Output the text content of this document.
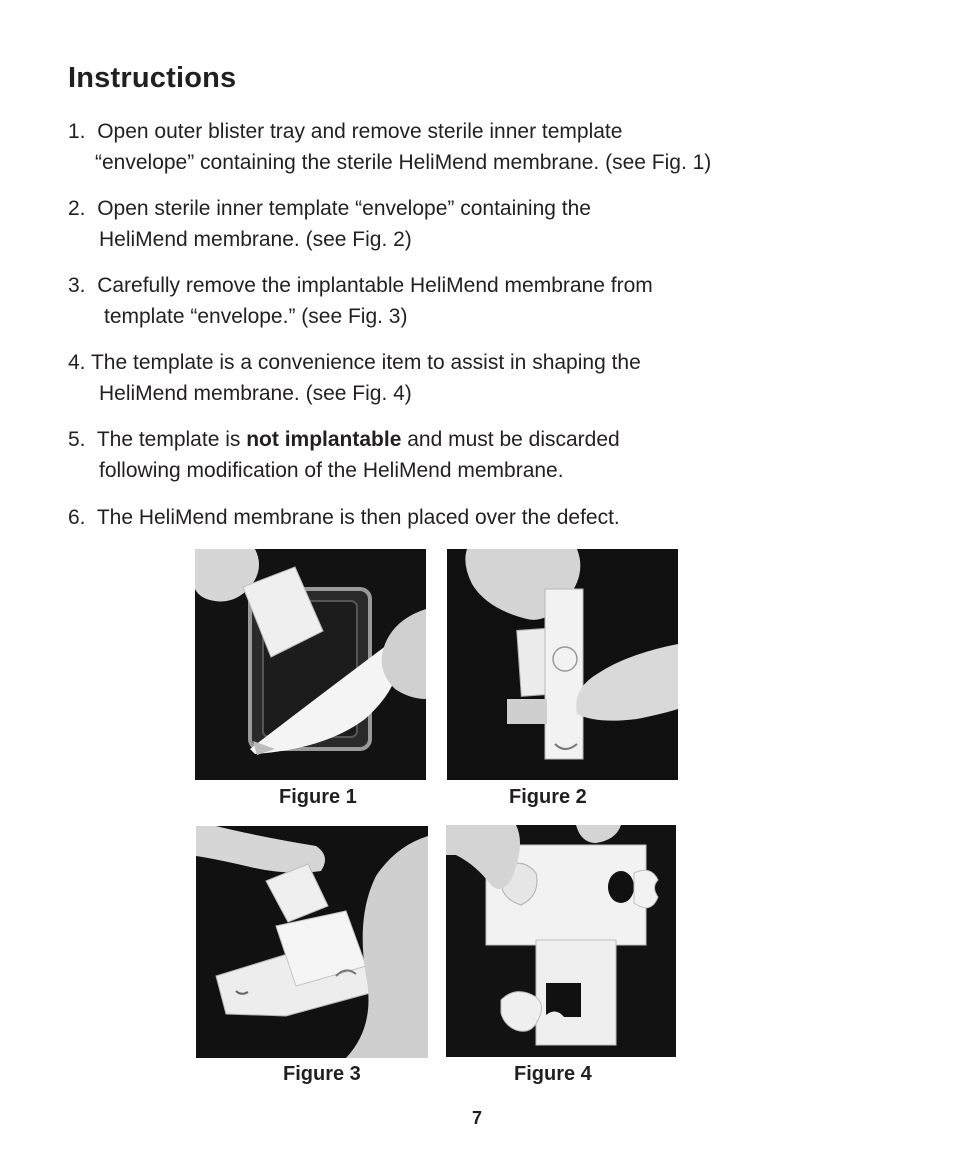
Instructions
1. Open outer blister tray and remove sterile inner template
“envelope” containing the sterile HeliMend membrane. (see Fig. 1)
2. Open sterile inner template “envelope” containing the
HeliMend membrane. (see Fig. 2)
3. Carefully remove the implantable HeliMend membrane from
template “envelope.” (see Fig. 3)
4. The template is a convenience item to assist in shaping the
HeliMend membrane. (see Fig. 4)
5. The template is not implantable and must be discarded
following modification of the HeliMend membrane.
6. The HeliMend membrane is then placed over the defect.
Figure 1	Figure 2
Figure 3	Figure 4
7
